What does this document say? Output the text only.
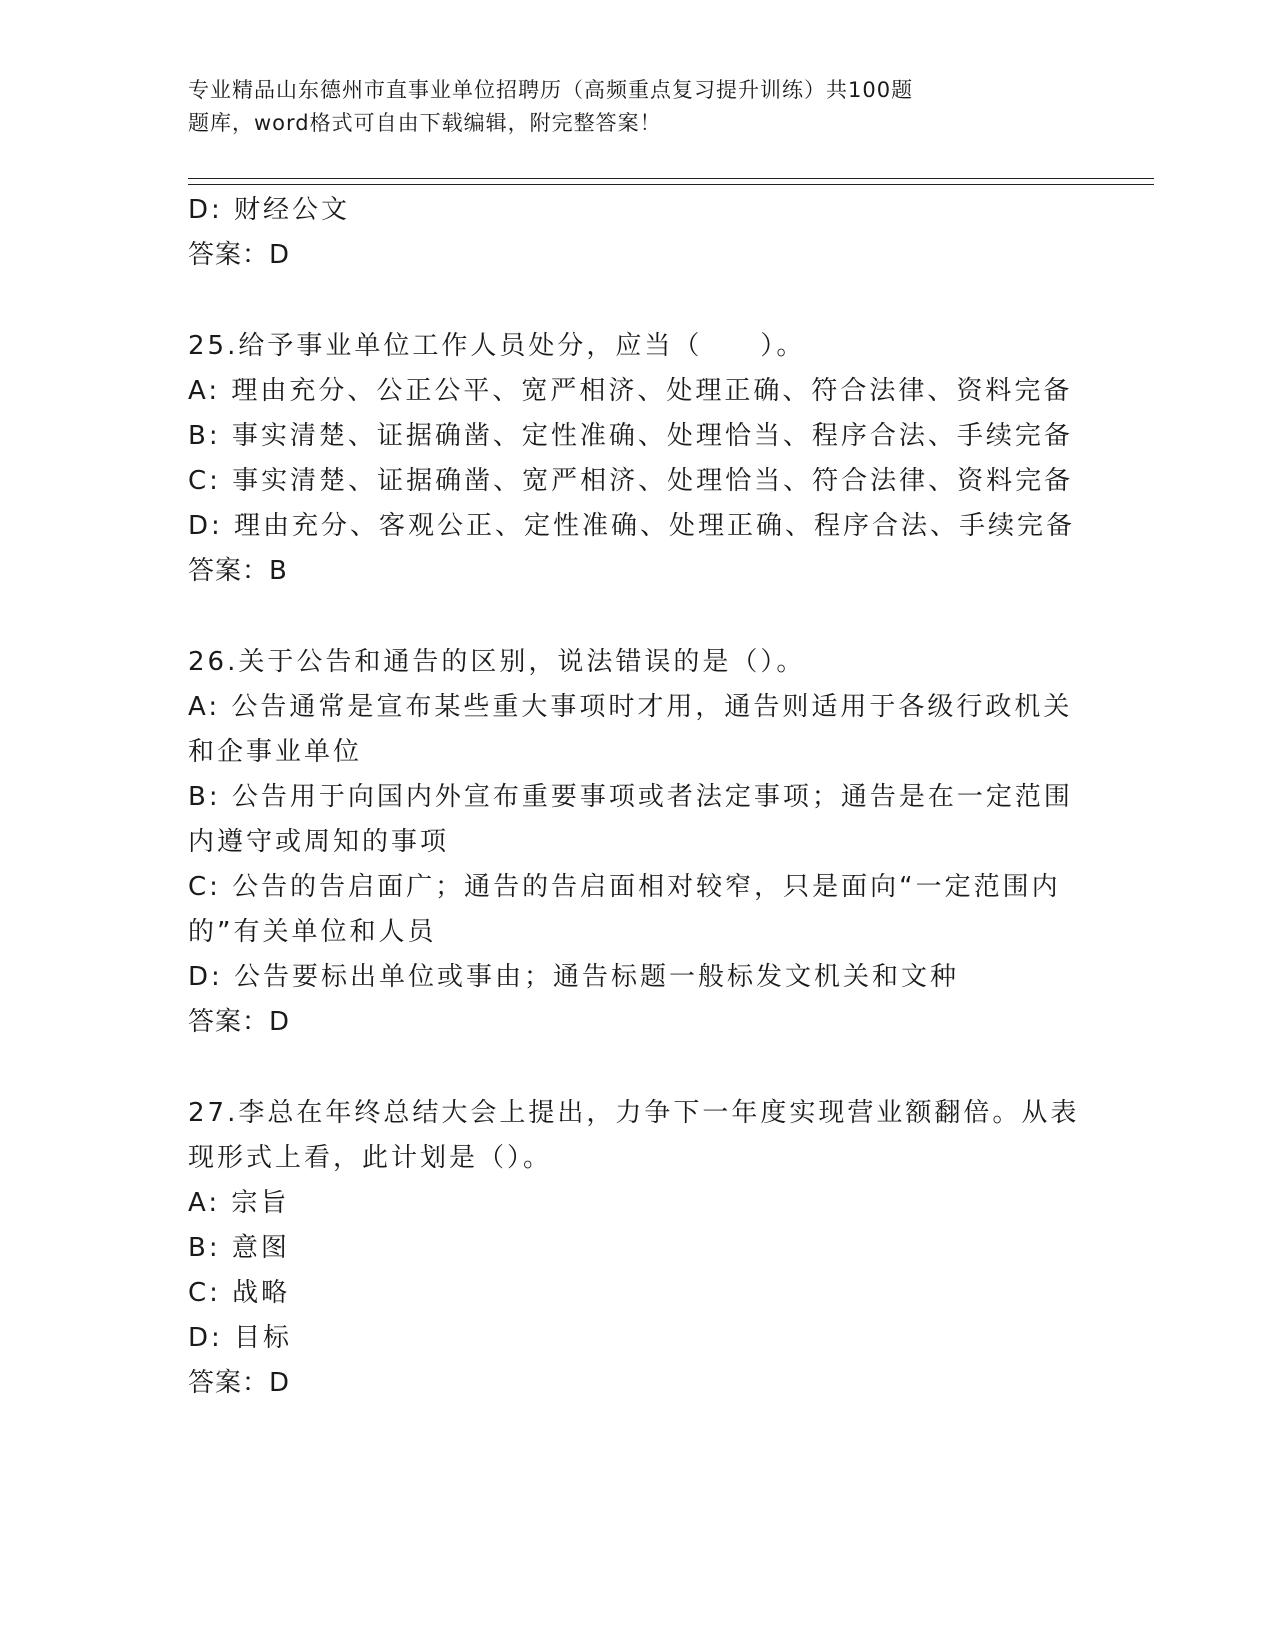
专业精品山东德州市直事业单位招聘历（高频重点复习提升训练）共100题
题库，word格式可自由下载编辑，附完整答案！
D: 财经公文
答案：D
25.给予事业单位工作人员处分，应当（　　）。
A: 理由充分、公正公平、宽严相济、处理正确、符合法律、资料完备
B: 事实清楚、证据确凿、定性准确、处理恰当、程序合法、手续完备
C: 事实清楚、证据确凿、宽严相济、处理恰当、符合法律、资料完备
D: 理由充分、客观公正、定性准确、处理正确、程序合法、手续完备
答案：B
26.关于公告和通告的区别，说法错误的是（）。
A: 公告通常是宣布某些重大事项时才用，通告则适用于各级行政机关
和企事业单位
B: 公告用于向国内外宣布重要事项或者法定事项；通告是在一定范围
内遵守或周知的事项
C: 公告的告启面广；通告的告启面相对较窄，只是面向“一定范围内
的”有关单位和人员
D: 公告要标出单位或事由；通告标题一般标发文机关和文种
答案：D
27.李总在年终总结大会上提出，力争下一年度实现营业额翻倍。从表
现形式上看，此计划是（）。
A: 宗旨
B: 意图
C: 战略
D: 目标
答案：D
